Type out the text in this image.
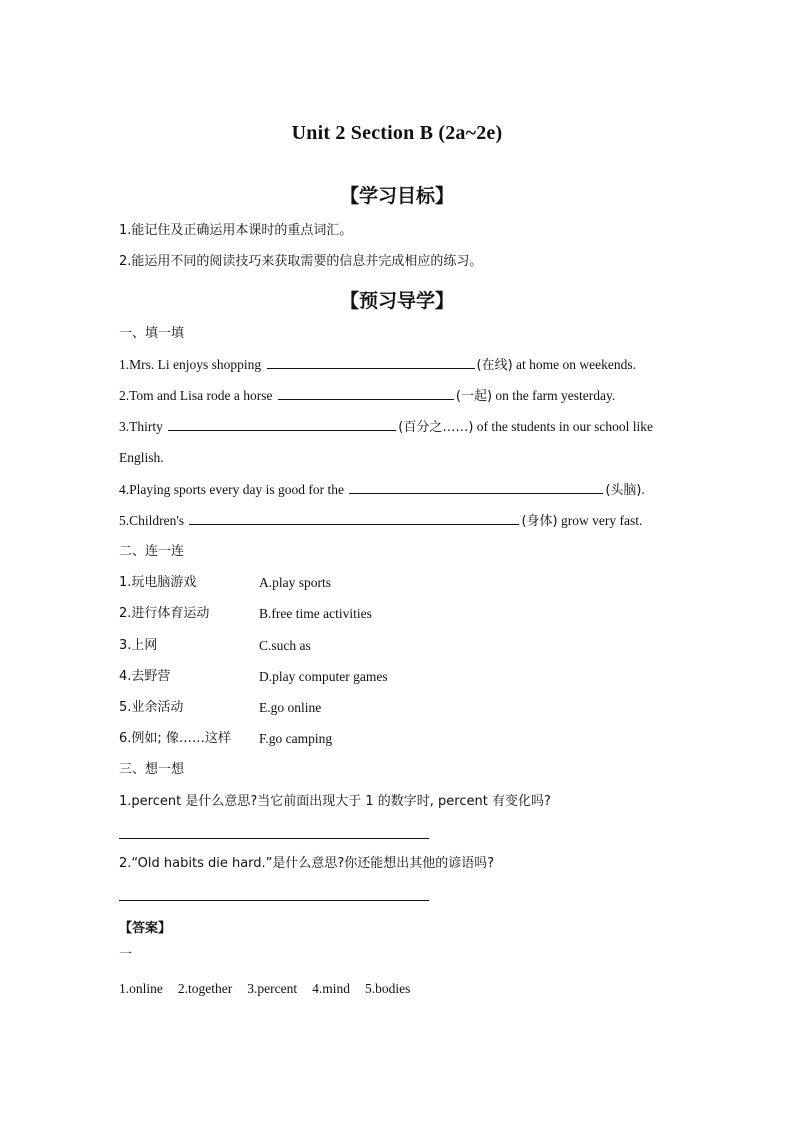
Unit 2 Section B (2a~2e)
【学习目标】
1.能记住及正确运用本课时的重点词汇。
2.能运用不同的阅读技巧来获取需要的信息并完成相应的练习。
【预习导学】
一、填一填
1.Mrs. Li enjoys shopping	(在线) at home on weekends.
2.Tom and Lisa rode a horse	(一起) on the farm yesterday.
3.Thirty	(百分之……) of the students in our school like
English.
4.Playing sports every day is good for the	(头脑).
5.Children's	(身体) grow very fast.
二、连一连
1.玩电脑游戏	A.play sports
2.进行体育运动	B.free time activities
3.上网	C.such as
4.去野营	D.play computer games
5.业余活动	E.go online
6.例如; 像……这样 F.go camping
三、想一想
1.percent 是什么意思?当它前面出现大于 1 的数字时, percent 有变化吗?
2.“Old habits die hard.”是什么意思?你还能想出其他的谚语吗?
【答案】
一
1.online 2.together 3.percent 4.mind 5.bodies
